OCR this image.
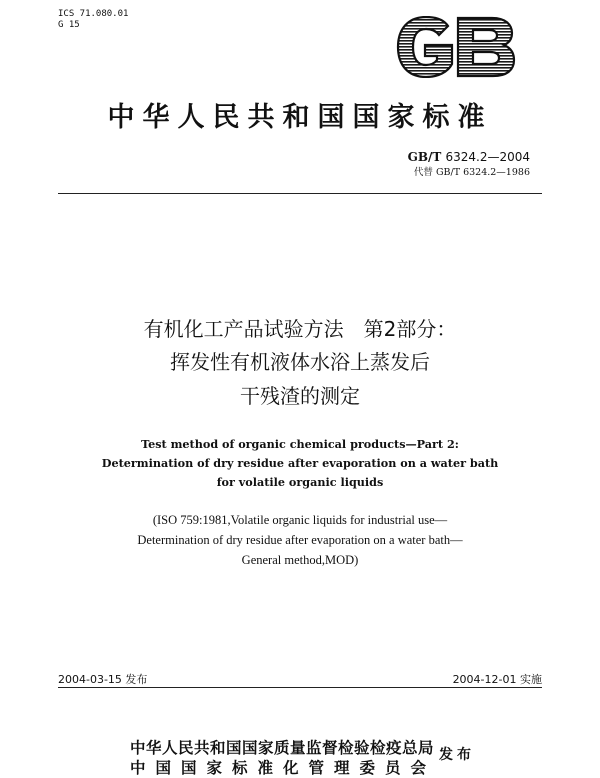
ICS 71.080.01
G 15
中华人民共和国国家标准
GB/T 6324.2—2004
代替 GB/T 6324.2—1986
有机化工产品试验方法　第2部分：
挥发性有机液体水浴上蒸发后
干残渣的测定
Test method of organic chemical products—Part 2:
Determination of dry residue after evaporation on a water bath
for volatile organic liquids
(ISO 759:1981,Volatile organic liquids for industrial use—
Determination of dry residue after evaporation on a water bath—
General method,MOD)
2004-03-15 发布	2004-12-01 实施
中华人民共和国国家质量监督检验检疫总局
中国国家标准化管理委员会
发布
